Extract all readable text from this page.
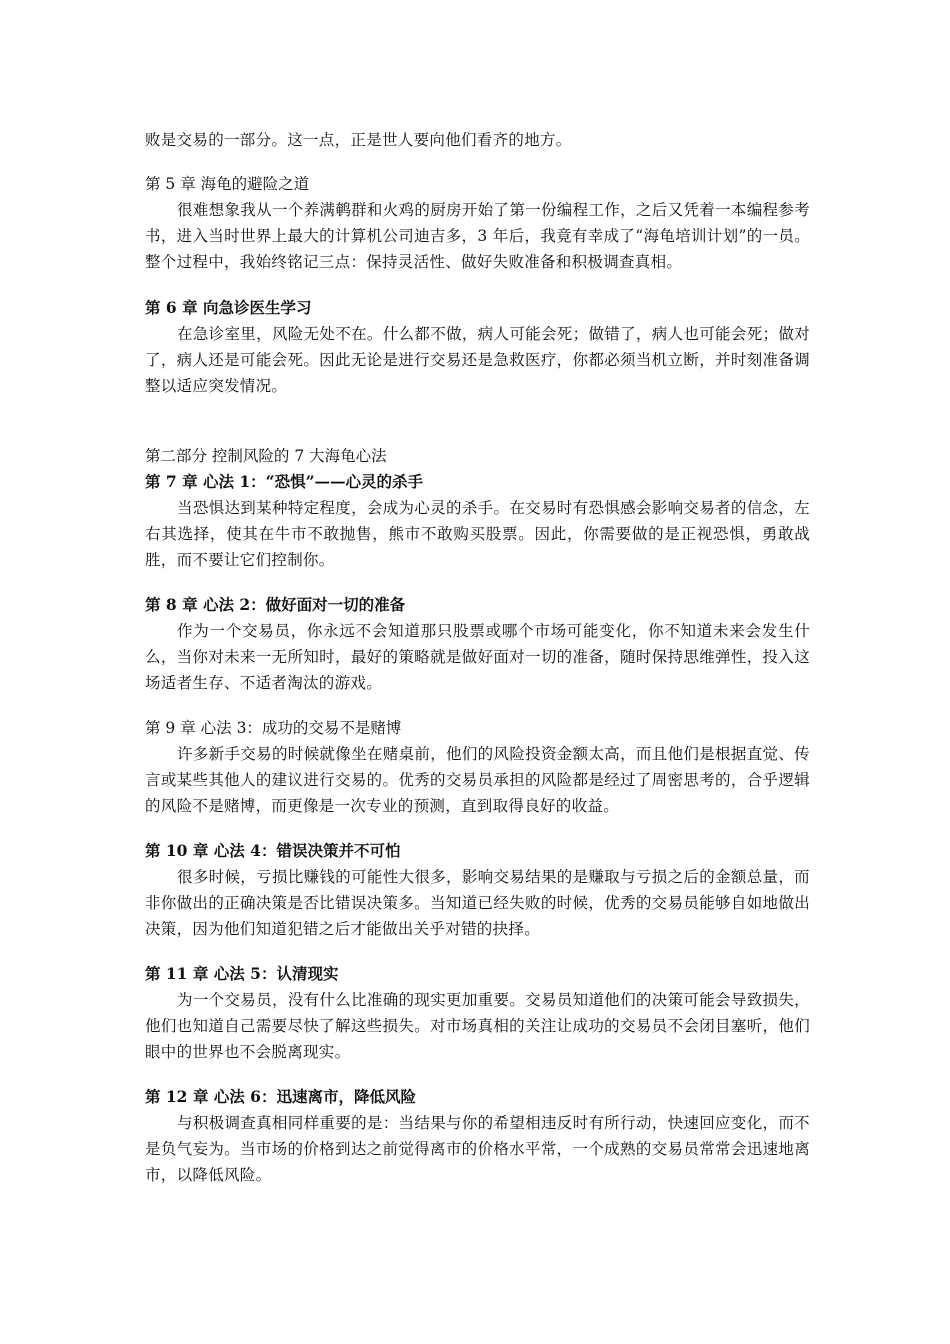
败是交易的一部分。这一点，正是世人要向他们看齐的地方。

第 5 章 海龟的避险之道

很难想象我从一个养满鹌群和火鸡的厨房开始了第一份编程工作，之后又凭着一本编程参考书，进入当时世界上最大的计算机公司迪吉多，3 年后，我竟有幸成了“海龟培训计划”的一员。整个过程中，我始终铭记三点：保持灵活性、做好失败准备和积极调查真相。

第 6 章 向急诊医生学习

在急诊室里，风险无处不在。什么都不做，病人可能会死；做错了，病人也可能会死；做对了，病人还是可能会死。因此无论是进行交易还是急救医疗，你都必须当机立断，并时刻准备调整以适应突发情况。

第二部分 控制风险的 7 大海龟心法

第 7 章 心法 1：“恐惧”——心灵的杀手

当恐惧达到某种特定程度，会成为心灵的杀手。在交易时有恐惧感会影响交易者的信念，左右其选择，使其在牛市不敢抛售，熊市不敢购买股票。因此，你需要做的是正视恐惧，勇敢战胜，而不要让它们控制你。

第 8 章 心法 2：做好面对一切的准备

作为一个交易员，你永远不会知道那只股票或哪个市场可能变化，你不知道未来会发生什么，当你对未来一无所知时，最好的策略就是做好面对一切的准备，随时保持思维弹性，投入这场适者生存、不适者淘汰的游戏。

第 9 章 心法 3：成功的交易不是赌博

许多新手交易的时候就像坐在赌桌前，他们的风险投资金额太高，而且他们是根据直觉、传言或某些其他人的建议进行交易的。优秀的交易员承担的风险都是经过了周密思考的，合乎逻辑的风险不是赌博，而更像是一次专业的预测，直到取得良好的收益。

第 10 章 心法 4：错误决策并不可怕

很多时候，亏损比赚钱的可能性大很多，影响交易结果的是赚取与亏损之后的金额总量，而非你做出的正确决策是否比错误决策多。当知道已经失败的时候，优秀的交易员能够自如地做出决策，因为他们知道犯错之后才能做出关乎对错的抉择。

第 11 章 心法 5：认清现实

为一个交易员，没有什么比准确的现实更加重要。交易员知道他们的决策可能会导致损失，他们也知道自己需要尽快了解这些损失。对市场真相的关注让成功的交易员不会闭目塞听，他们眼中的世界也不会脱离现实。

第 12 章 心法 6：迅速离市，降低风险

与积极调查真相同样重要的是：当结果与你的希望相违反时有所行动，快速回应变化，而不是负气妄为。当市场的价格到达之前觉得离市的价格水平常，一个成熟的交易员常常会迅速地离市，以降低风险。
